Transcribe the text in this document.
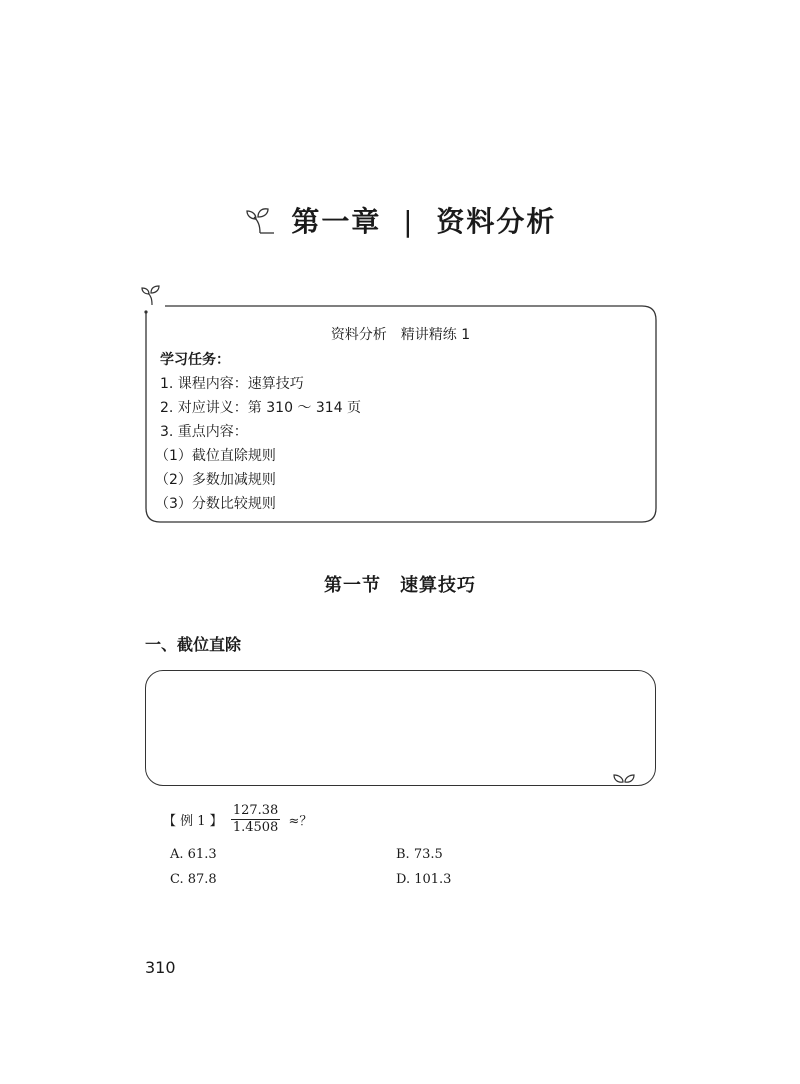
第一章 | 资料分析
资料分析　精讲精练 1
学习任务：
1. 课程内容：速算技巧
2. 对应讲义：第 310 ～ 314 页
3. 重点内容：
（1）截位直除规则
（2）多数加减规则
（3）分数比较规则
第一节　速算技巧
一、截位直除
【 例 1 】 $\frac{127.38}{1.4508}$ ≈？
A. 61.3	B. 73.5
C. 87.8	D. 101.3
310
